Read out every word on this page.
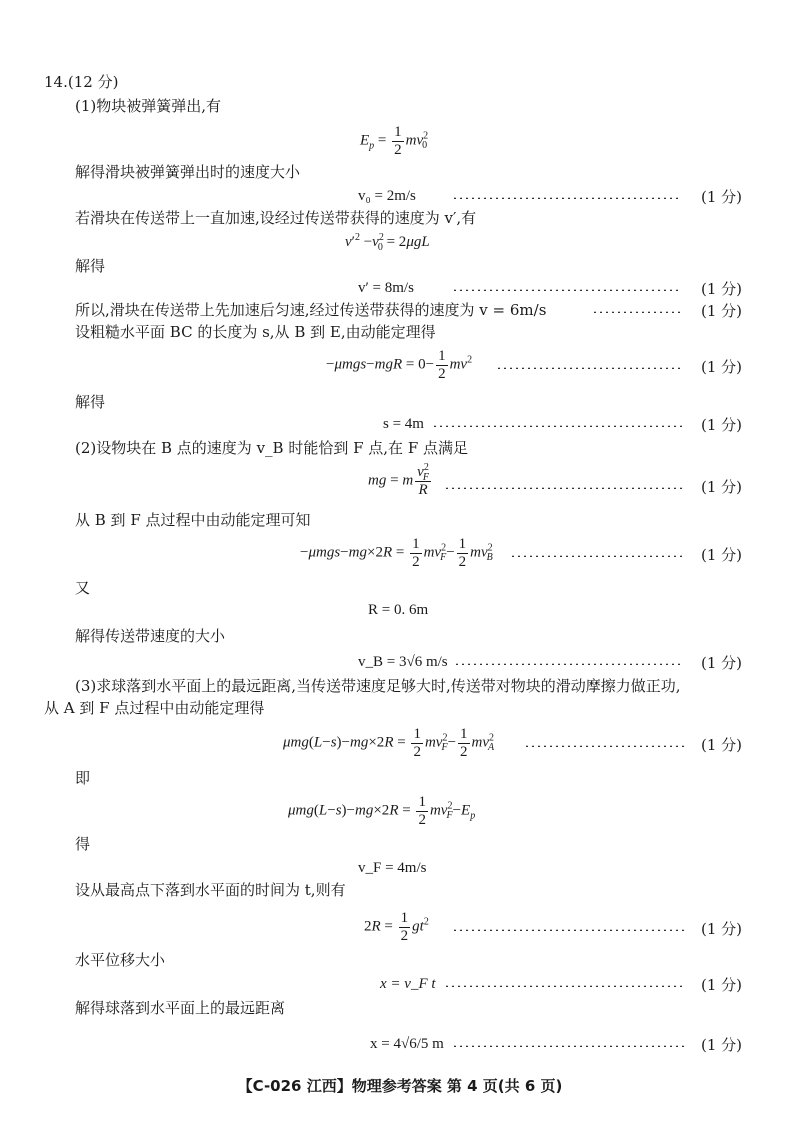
14.(12 分)
(1)物块被弹簧弹出,有
$E_p = \frac{1}{2} mv^2_0$
解得滑块被弹簧弹出时的速度大小
v₀ = 2m/s	(1 分)
若滑块在传送带上一直加速,设经过传送带获得的速度为 v′,有
$v'^2 -v^2_0 = 2\mu gL$
解得
v′ = 8m/s	(1 分)
所以,滑块在传送带上先加速后匀速,经过传送带获得的速度为 v = 6m/s	(1 分)
设粗糙水平面 BC 的长度为 s,从 B 到 E,由动能定理得
$-\mu mgs-mgR = 0- \frac{1}{2} mv^2$	(1 分)
解得
s = 4m	(1 分)
(2)设物块在 B 点的速度为 v_B 时能恰到 F 点,在 F 点满足
mg = m $\frac{v^2_F}{R}$	(1 分)
从 B 到 F 点过程中由动能定理可知
$-\mu mgs-mg\times 2R = \frac{1}{2} mv^2_F- \frac{1}{2} mv^2_B$	(1 分)
又
R = 0. 6m
解得传送带速度的大小
v_B = 3√6 m/s	(1 分)
(3)求球落到水平面上的最远距离,当传送带速度足够大时,传送带对物块的滑动摩擦力做正功,
从 A 到 F 点过程中由动能定理得
$\mu mg(L-s)-mg\times 2R = \frac{1}{2} mv^2_F- \frac{1}{2} mv^2_A$	(1 分)
即
$\mu mg(L-s)-mg\times 2R = \frac{1}{2} mv^2_F-E_p$
得
v_F = 4m/s
设从最高点下落到水平面的时间为 t,则有
$2R = \frac{1}{2} gt^2$	(1 分)
水平位移大小
x = v_F t	(1 分)
解得球落到水平面上的最远距离
x = 4√6/5 m	(1 分)
【C-026 江西】物理参考答案 第 4 页(共 6 页)
